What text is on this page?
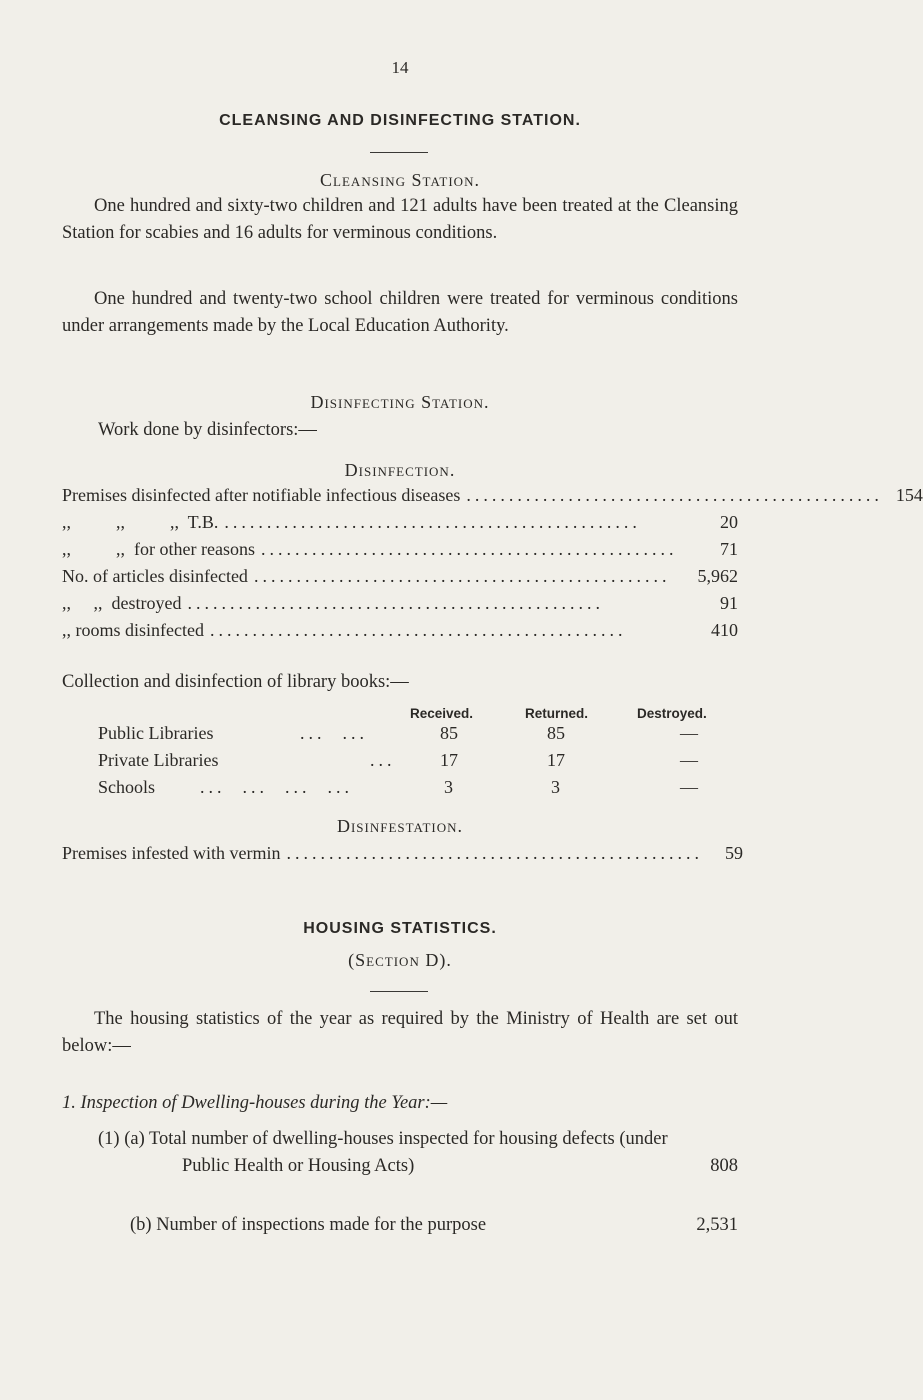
14
CLEANSING AND DISINFECTING STATION.
Cleansing Station.
One hundred and sixty-two children and 121 adults have been treated at the Cleansing Station for scabies and 16 adults for verminous conditions.
One hundred and twenty-two school children were treated for verminous conditions under arrangements made by the Local Education Authority.
Disinfecting Station.
Work done by disinfectors:—
Disinfection.
Premises disinfected after notifiable infectious diseases ................................................. 154
,,          ,,          ,,  T.B. .................................................	20
,,          ,,  for other reasons .................................................	71
No. of articles disinfected .................................................	5,962
,,     ,,  destroyed .................................................	91
,, rooms disinfected .................................................	410
Collection and disinfection of library books:—
Received.	Returned.	Destroyed.
Public Libraries	...  ...	85	85	—
Private Libraries	... 17	17	—
Schools ...  ...  ...  ...	3	3	—
Disinfestation.
Premises infested with vermin .................................................	59
HOUSING STATISTICS.
(Section D).
The housing statistics of the year as required by the Ministry of Health are set out below:—
1. Inspection of Dwelling-houses during the Year:—
(1) (a) Total number of dwelling-houses inspected for housing defects (under Public Health or Housing Acts)	808
(b) Number of inspections made for the purpose	2,531
